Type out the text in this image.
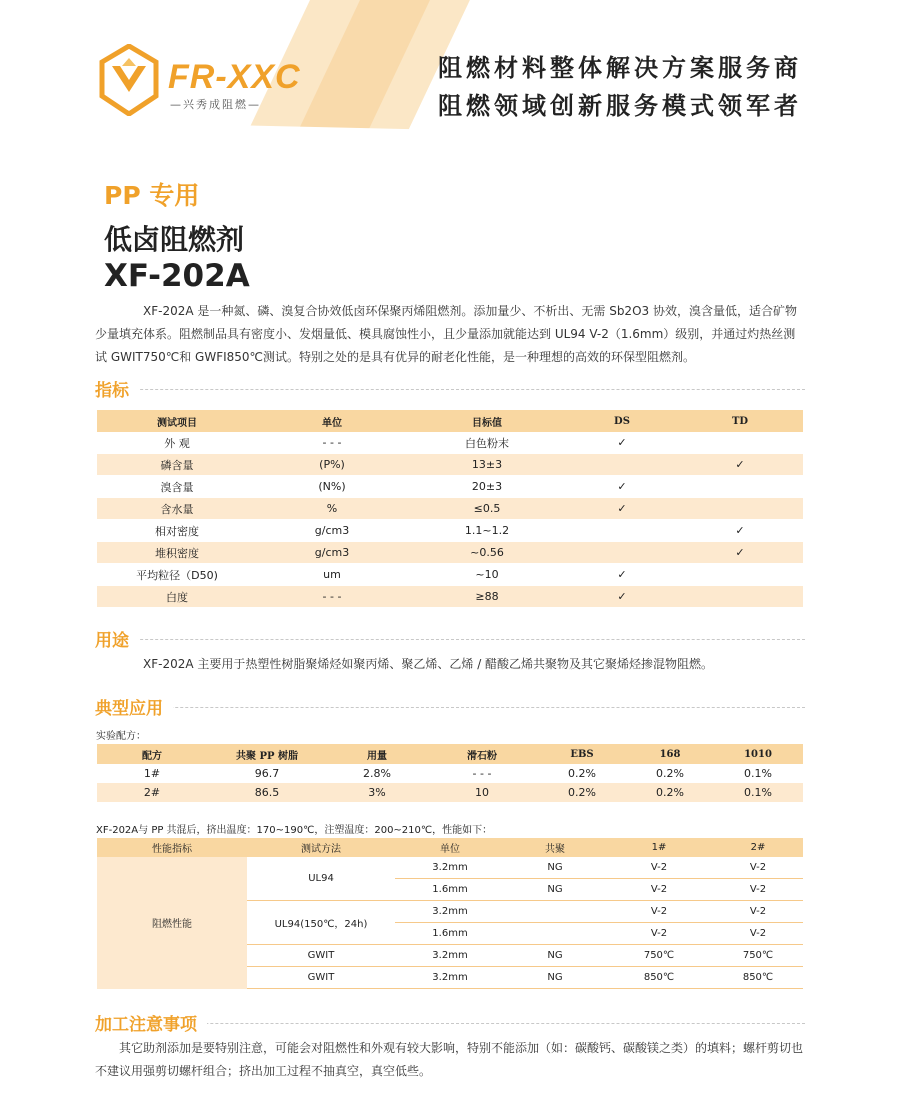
FR-XXC
—兴秀成阻燃—
阻燃材料整体解决方案服务商
阻燃领域创新服务模式领军者
PP 专用
低卤阻燃剂
XF-202A
XF-202A 是一种氮、磷、溴复合协效低卤环保聚丙烯阻燃剂。添加量少、不析出、无需 Sb2O3 协效，溴含量低，适合矿物少量填充体系。阻燃制品具有密度小、发烟量低、模具腐蚀性小，且少量添加就能达到 UL94 V-2（1.6mm）级别，并通过灼热丝测试 GWIT750℃和 GWFI850℃测试。特别之处的是具有优异的耐老化性能，是一种理想的高效的环保型阻燃剂。
指标
测试项目	单位	目标值	DS	TD
外 观	- - -	白色粉末	✓	
磷含量	(P%)	13±3		✓
溴含量	(N%)	20±3	✓	
含水量	%	≤0.5	✓	
相对密度	g/cm3	1.1~1.2		✓
堆积密度	g/cm3	~0.56		✓
平均粒径（D50)	um	~10	✓	
白度	- - -	≥88	✓	
用途
XF-202A 主要用于热塑性树脂聚烯烃如聚丙烯、聚乙烯、乙烯 / 醋酸乙烯共聚物及其它聚烯烃掺混物阻燃。
典型应用
实验配方：
配方	共聚 PP 树脂	用量	滑石粉	EBS	168	1010
1#	96.7	2.8%	- - -	0.2%	0.2%	0.1%
2#	86.5	3%	10	0.2%	0.2%	0.1%
XF-202A与 PP 共混后，挤出温度：170~190℃，注塑温度：200~210℃，性能如下：
性能指标	测试方法	单位	共聚	1#	2#
阻燃性能	UL94	3.2mm	NG	V-2	V-2
		1.6mm	NG	V-2	V-2
	UL94(150℃，24h)	3.2mm		V-2	V-2
		1.6mm		V-2	V-2
	GWIT	3.2mm	NG	750℃	750℃
	GWIT	3.2mm	NG	850℃	850℃
加工注意事项
其它助剂添加是要特别注意，可能会对阻燃性和外观有较大影响，特别不能添加（如：碳酸钙、碳酸镁之类）的填料；螺杆剪切也不建议用强剪切螺杆组合；挤出加工过程不抽真空，真空低些。
